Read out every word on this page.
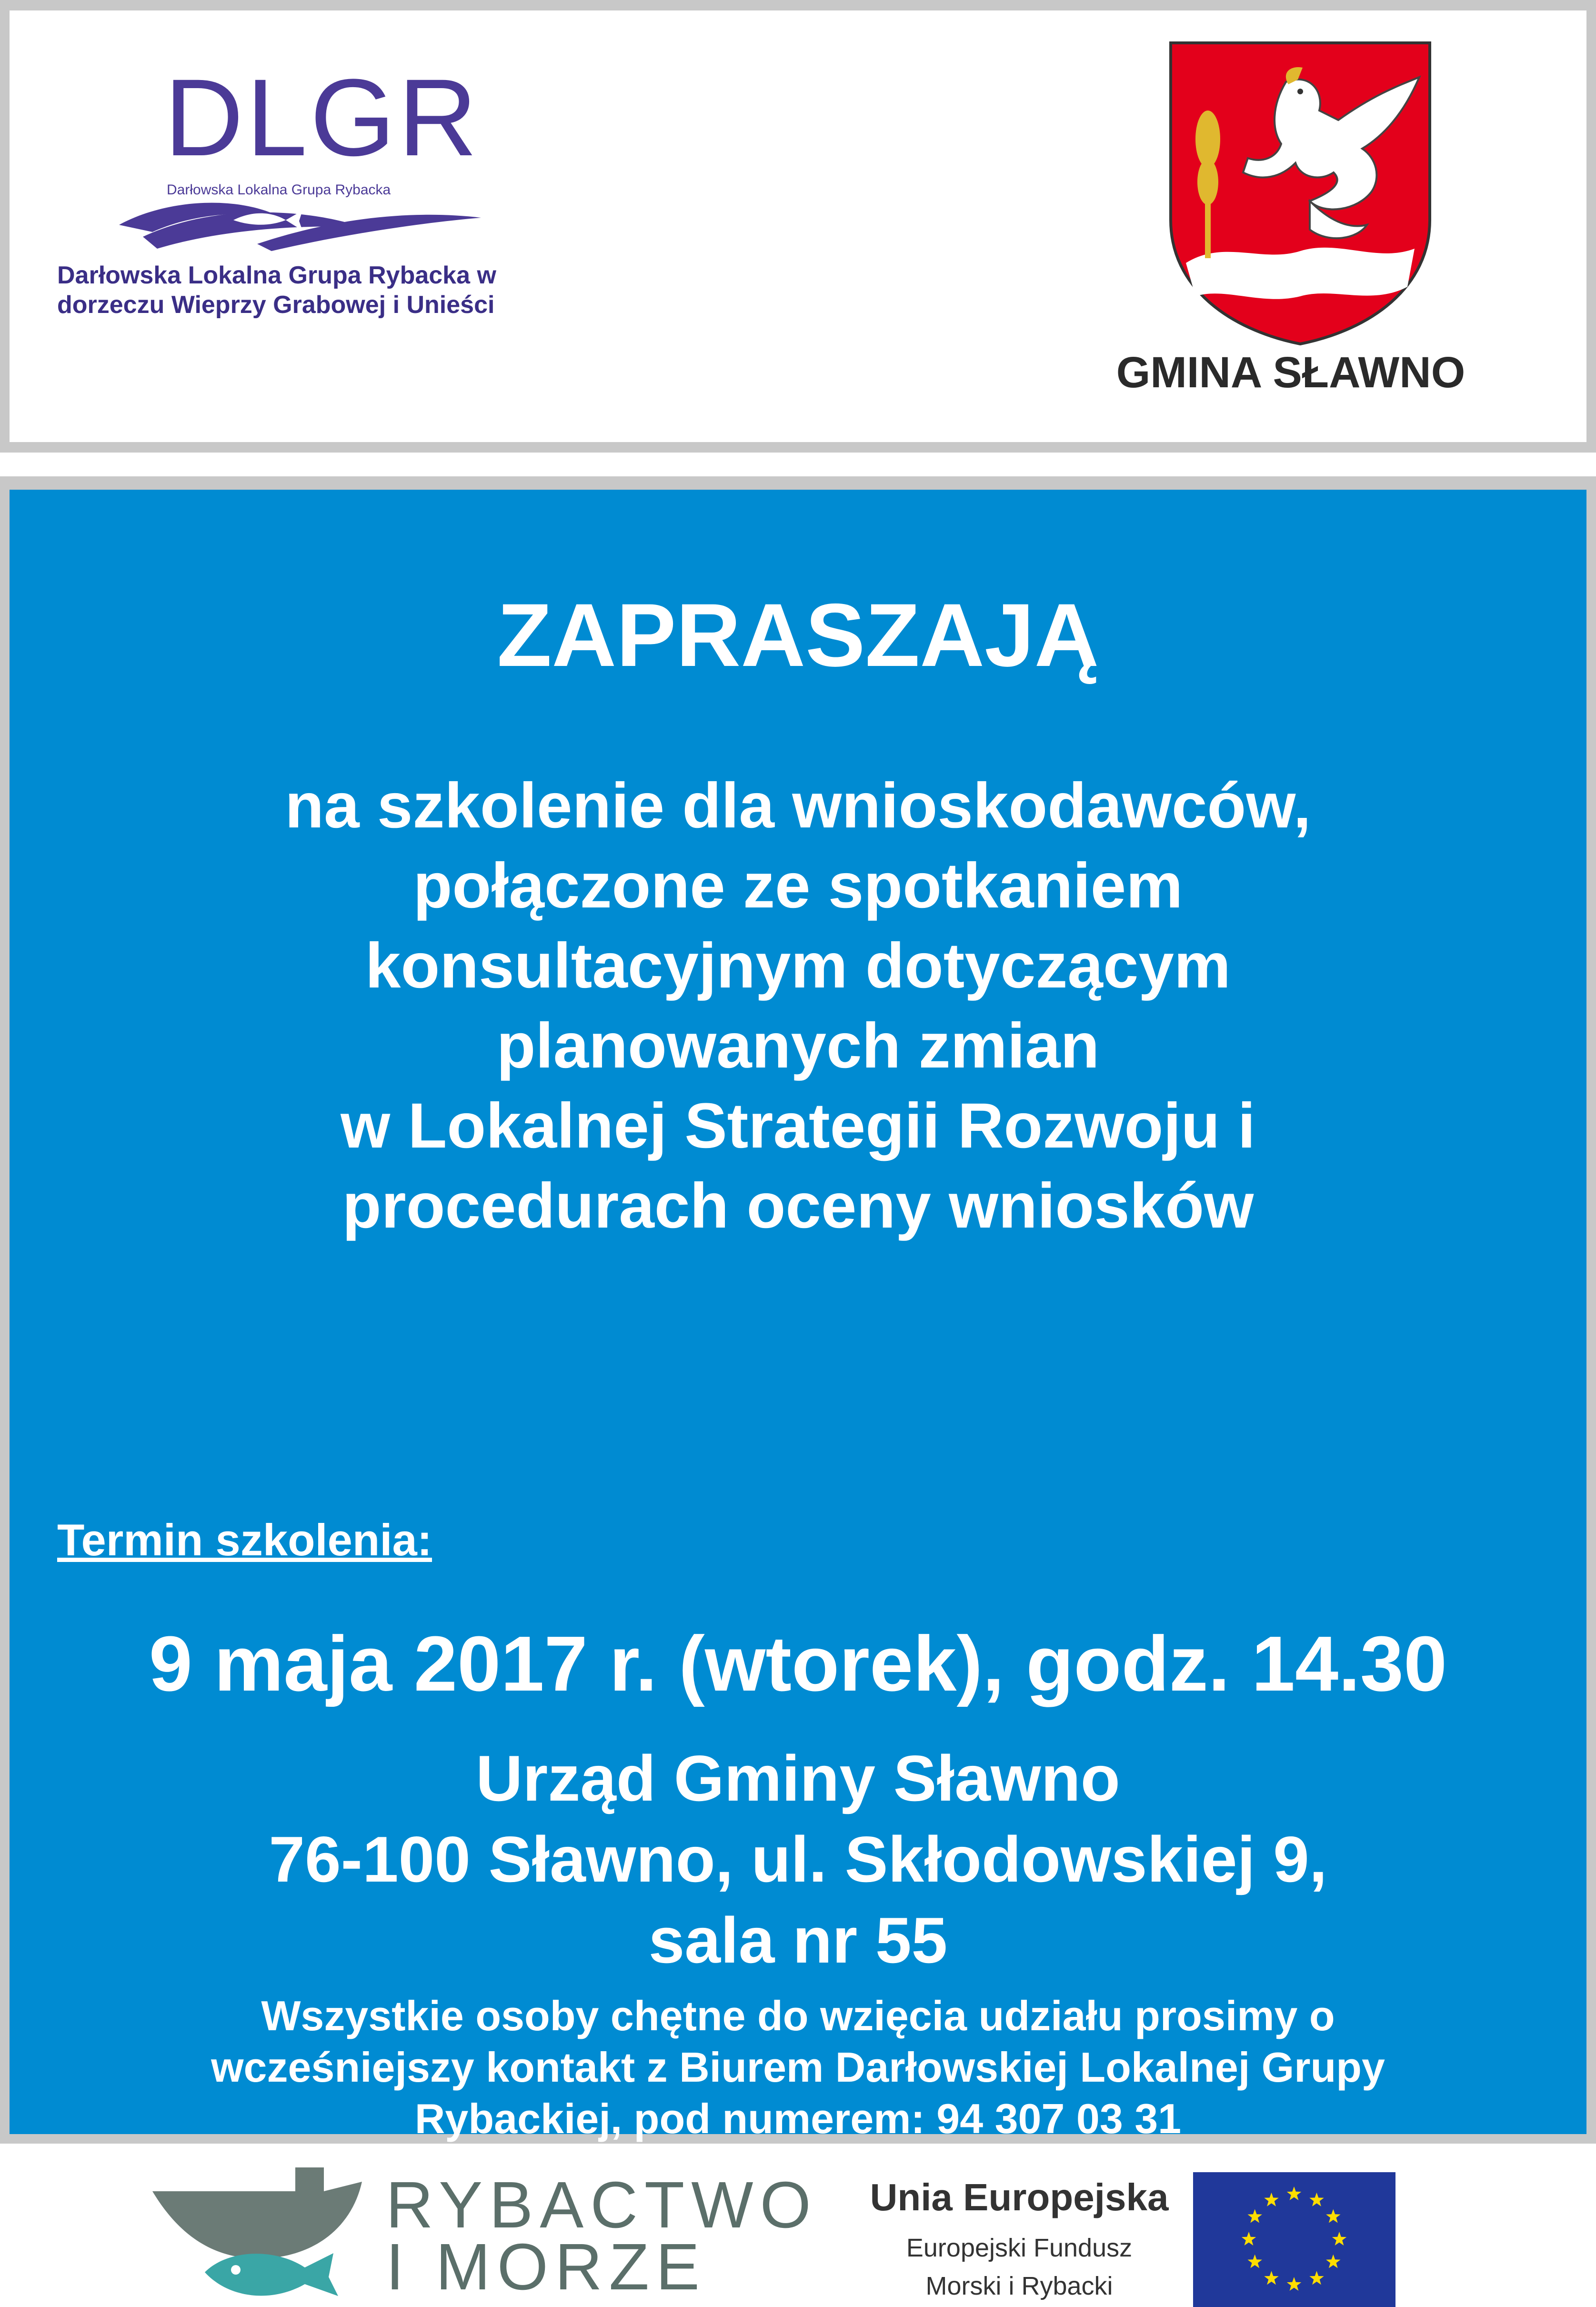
DLGR
Darłowska Lokalna Grupa Rybacka
Darłowska Lokalna Grupa Rybacka w
dorzeczu Wieprzy Grabowej i Unieści
GMINA SŁAWNO
ZAPRASZAJĄ
na szkolenie dla wnioskodawców,
połączone ze spotkaniem
konsultacyjnym dotyczącym
planowanych zmian
w Lokalnej Strategii Rozwoju i
procedurach oceny wniosków
Termin szkolenia:
9 maja 2017 r. (wtorek), godz. 14.30
Urząd Gminy Sławno
76-100 Sławno, ul. Skłodowskiej 9,
sala nr 55
Wszystkie osoby chętne do wzięcia udziału prosimy o
wcześniejszy kontakt z Biurem Darłowskiej Lokalnej Grupy
Rybackiej, pod numerem: 94 307 03 31
RYBACTWO
I MORZE
Unia Europejska
Europejski Fundusz
Morski i Rybacki
